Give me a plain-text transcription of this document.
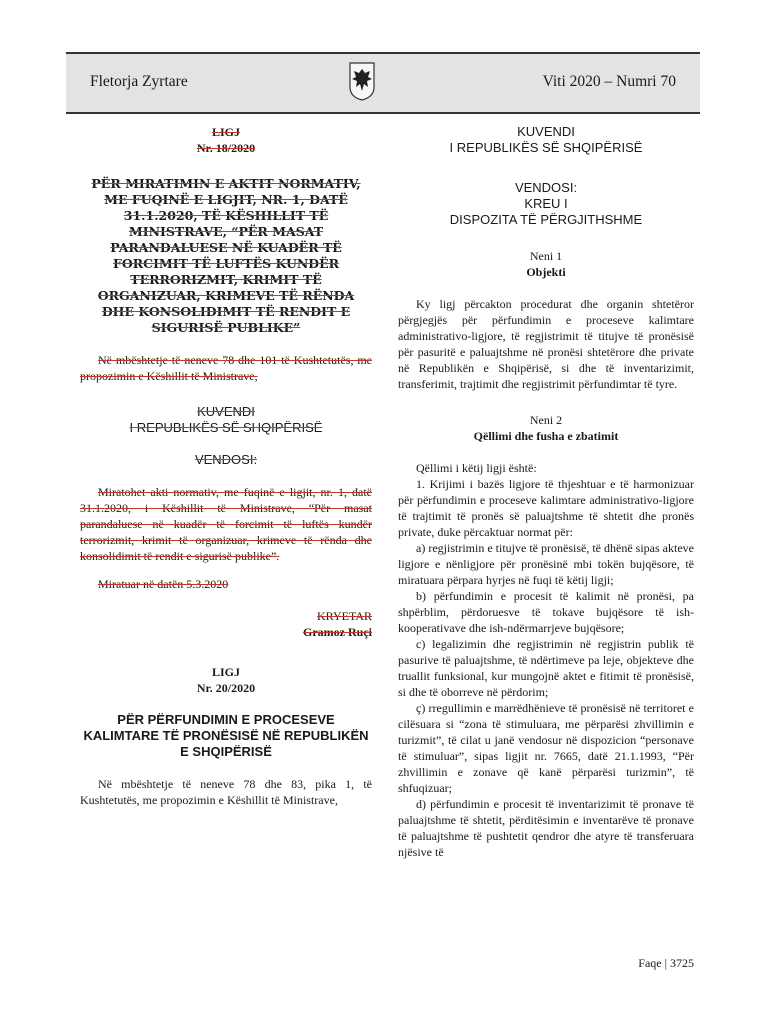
Fletorja Zyrtare	Viti 2020 – Numri 70

LIGJ

Nr. 18/2020

PËR MIRATIMIN E AKTIT NORMATIV, ME FUQINË E LIGJIT, NR. 1, DATË 31.1.2020, TË KËSHILLIT TË MINISTRAVE, “PËR MASAT PARANDALUESE NË KUADËR TË FORCIMIT TË LUFTËS KUNDËR TERRORIZMIT, KRIMIT TË ORGANIZUAR, KRIMEVE TË RËNDA DHE KONSOLIDIMIT TË RENDIT E SIGURISË PUBLIKE”

Në mbështetje të neneve 78 dhe 101 të Kushtetutës, me propozimin e Këshillit të Ministrave,

KUVENDI

I REPUBLIKËS SË SHQIPËRISË

VENDOSI:

Miratohet akti normativ, me fuqinë e ligjit, nr. 1, datë 31.1.2020, i Këshillit të Ministrave, “Për masat parandaluese në kuadër të forcimit të luftës kundër terrorizmit, krimit të organizuar, krimeve të rënda dhe konsolidimit të rendit e sigurisë publike”.

Miratuar në datën 5.3.2020

KRYETAR

Gramoz Ruçi

LIGJ

Nr. 20/2020

PËR PËRFUNDIMIN E PROCESEVE KALIMTARE TË PRONËSISË NË REPUBLIKËN E SHQIPËRISË

Në mbështetje të neneve 78 dhe 83, pika 1, të Kushtetutës, me propozimin e Këshillit të Ministrave,

KUVENDI

I REPUBLIKËS SË SHQIPËRISË

VENDOSI:

KREU I

DISPOZITA TË PËRGJITHSHME

Neni 1

Objekti

Ky ligj përcakton procedurat dhe organin shtetëror përgjegjës për përfundimin e proceseve kalimtare administrativo-ligjore, të regjistrimit të titujve të pronësisë për pasuritë e paluajtshme në pronësi shtetërore dhe private në Republikën e Shqipërisë, si dhe të inventarizimit, transferimit, trajtimit dhe regjistrimit përfundimtar të tyre.

Neni 2

Qëllimi dhe fusha e zbatimit

Qëllimi i këtij ligji është:

1. Krijimi i bazës ligjore të thjeshtuar e të harmonizuar për përfundimin e proceseve kalimtare administrativo-ligjore të trajtimit të pronës së paluajtshme të shtetit dhe pronës private, duke përcaktuar normat për:

a) regjistrimin e titujve të pronësisë, të dhënë sipas akteve ligjore e nënligjore për pronësinë mbi tokën bujqësore, të miratuara përpara hyrjes në fuqi të këtij ligji;

b) përfundimin e procesit të kalimit në pronësi, pa shpërblim, përdoruesve të tokave bujqësore të ish-kooperativave dhe ish-ndërmarrjeve bujqësore;

c) legalizimin dhe regjistrimin në regjistrin publik të pasurive të paluajtshme, të ndërtimeve pa leje, objekteve dhe truallit funksional, kur mungojnë aktet e fitimit të pronësisë, si dhe të oborreve në përdorim;

ç) rregullimin e marrëdhënieve të pronësisë në territoret e cilësuara si “zona të stimuluara, me përparësi zhvillimin e turizmit”, të cilat u janë vendosur në dispozicion “personave të stimuluar”, sipas ligjit nr. 7665, datë 21.1.1993, “Për zhvillimin e zonave që kanë përparësi turizmin”, të shfuqizuar;

d) përfundimin e procesit të inventarizimit të pronave të paluajtshme të shtetit, përditësimin e inventarëve të pronave të paluajtshme të pushtetit qendror dhe atyre të transferuara njësive të

Faqe | 3725
